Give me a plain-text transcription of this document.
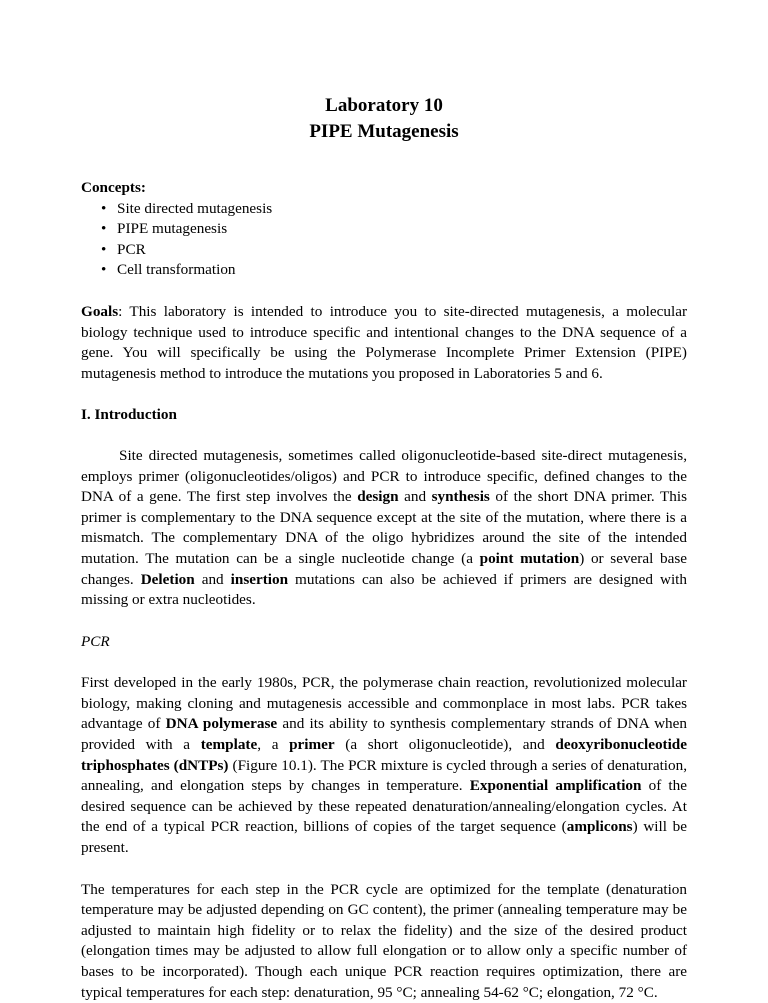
Laboratory 10
PIPE Mutagenesis

Concepts:

• Site directed mutagenesis
• PIPE mutagenesis
• PCR
• Cell transformation

Goals: This laboratory is intended to introduce you to site-directed mutagenesis, a molecular biology technique used to introduce specific and intentional changes to the DNA sequence of a gene. You will specifically be using the Polymerase Incomplete Primer Extension (PIPE) mutagenesis method to introduce the mutations you proposed in Laboratories 5 and 6.

I. Introduction

Site directed mutagenesis, sometimes called oligonucleotide-based site-direct mutagenesis, employs primer (oligonucleotides/oligos) and PCR to introduce specific, defined changes to the DNA of a gene. The first step involves the design and synthesis of the short DNA primer. This primer is complementary to the DNA sequence except at the site of the mutation, where there is a mismatch. The complementary DNA of the oligo hybridizes around the site of the intended mutation. The mutation can be a single nucleotide change (a point mutation) or several base changes. Deletion and insertion mutations can also be achieved if primers are designed with missing or extra nucleotides.

PCR

First developed in the early 1980s, PCR, the polymerase chain reaction, revolutionized molecular biology, making cloning and mutagenesis accessible and commonplace in most labs. PCR takes advantage of DNA polymerase and its ability to synthesis complementary strands of DNA when provided with a template, a primer (a short oligonucleotide), and deoxyribonucleotide triphosphates (dNTPs) (Figure 10.1). The PCR mixture is cycled through a series of denaturation, annealing, and elongation steps by changes in temperature. Exponential amplification of the desired sequence can be achieved by these repeated denaturation/annealing/elongation cycles. At the end of a typical PCR reaction, billions of copies of the target sequence (amplicons) will be present.

The temperatures for each step in the PCR cycle are optimized for the template (denaturation temperature may be adjusted depending on GC content), the primer (annealing temperature may be adjusted to maintain high fidelity or to relax the fidelity) and the size of the desired product (elongation times may be adjusted to allow full elongation or to allow only a specific number of bases to be incorporated). Though each unique PCR reaction requires optimization, there are typical temperatures for each step: denaturation, 95 °C; annealing 54-62 °C; elongation, 72 °C.
